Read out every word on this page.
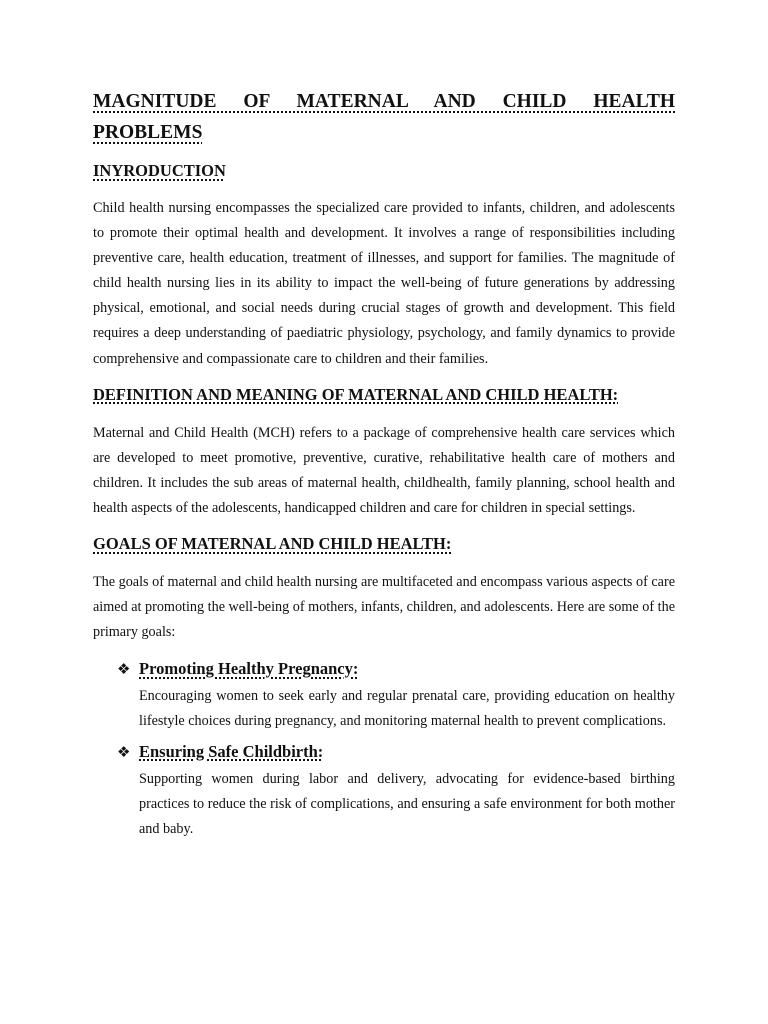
MAGNITUDE OF MATERNAL AND CHILD HEALTH
PROBLEMS
INYRODUCTION

Child health nursing encompasses the specialized care provided to infants, children, and adolescents to promote their optimal health and development. It involves a range of responsibilities including preventive care, health education, treatment of illnesses, and support for families. The magnitude of child health nursing lies in its ability to impact the well-being of future generations by addressing physical, emotional, and social needs during crucial stages of growth and development. This field requires a deep understanding of paediatric physiology, psychology, and family dynamics to provide comprehensive and compassionate care to children and their families.

DEFINITION AND MEANING OF MATERNAL AND CHILD HEALTH:

Maternal and Child Health (MCH) refers to a package of comprehensive health care services which are developed to meet promotive, preventive, curative, rehabilitative health care of mothers and children. It includes the sub areas of maternal health, childhealth, family planning, school health and health aspects of the adolescents, handicapped children and care for children in special settings.

GOALS OF MATERNAL AND CHILD HEALTH:

The goals of maternal and child health nursing are multifaceted and encompass various aspects of care aimed at promoting the well-being of mothers, infants, children, and adolescents. Here are some of the primary goals:

❖ Promoting Healthy Pregnancy:
Encouraging women to seek early and regular prenatal care, providing education on healthy lifestyle choices during pregnancy, and monitoring maternal health to prevent complications.
❖ Ensuring Safe Childbirth:
Supporting women during labor and delivery, advocating for evidence-based birthing practices to reduce the risk of complications, and ensuring a safe environment for both mother and baby.
